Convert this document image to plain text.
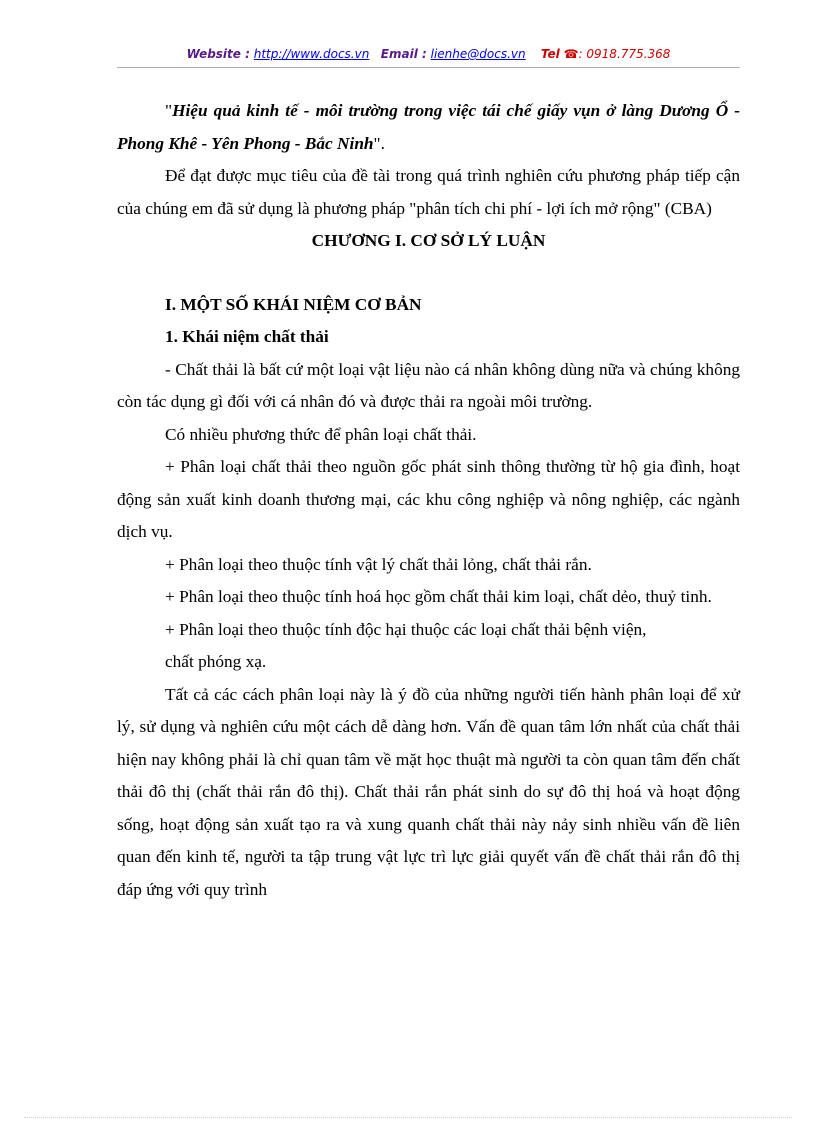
Website : http://www.docs.vn Email : lienhe@docs.vn Tel ☎: 0918.775.368

"Hiệu quả kinh tế - môi trường trong việc tái chế giấy vụn ở làng Dương Ổ - Phong Khê - Yên Phong - Bắc Ninh".

Để đạt được mục tiêu của đề tài trong quá trình nghiên cứu phương pháp tiếp cận của chúng em đã sử dụng là phương pháp "phân tích chi phí - lợi ích mở rộng" (CBA)

CHƯƠNG I. CƠ SỞ LÝ LUẬN

I. MỘT SỐ KHÁI NIỆM CƠ BẢN

1. Khái niệm chất thải

- Chất thải là bất cứ một loại vật liệu nào cá nhân không dùng nữa và chúng không còn tác dụng gì đối với cá nhân đó và được thải ra ngoài môi trường.

Có nhiều phương thức để phân loại chất thải.

+ Phân loại chất thải theo nguồn gốc phát sinh thông thường từ hộ gia đình, hoạt động sản xuất kinh doanh thương mại, các khu công nghiệp và nông nghiệp, các ngành dịch vụ.

+ Phân loại theo thuộc tính vật lý chất thải lỏng, chất thải rắn.

+ Phân loại theo thuộc tính hoá học gồm chất thải kim loại, chất dẻo, thuỷ tinh.

+ Phân loại theo thuộc tính độc hại thuộc các loại chất thải bệnh viện,

chất phóng xạ.

Tất cả các cách phân loại này là ý đồ của những người tiến hành phân loại để xử lý, sử dụng và nghiên cứu một cách dễ dàng hơn. Vấn đề quan tâm lớn nhất của chất thải hiện nay không phải là chỉ quan tâm về mặt học thuật mà người ta còn quan tâm đến chất thải đô thị (chất thải rắn đô thị). Chất thải rắn phát sinh do sự đô thị hoá và hoạt động sống, hoạt động sản xuất tạo ra và xung quanh chất thải này nảy sinh nhiều vấn đề liên quan đến kinh tế, người ta tập trung vật lực trì lực giải quyết vấn đề chất thải rắn đô thị đáp ứng với quy trình
